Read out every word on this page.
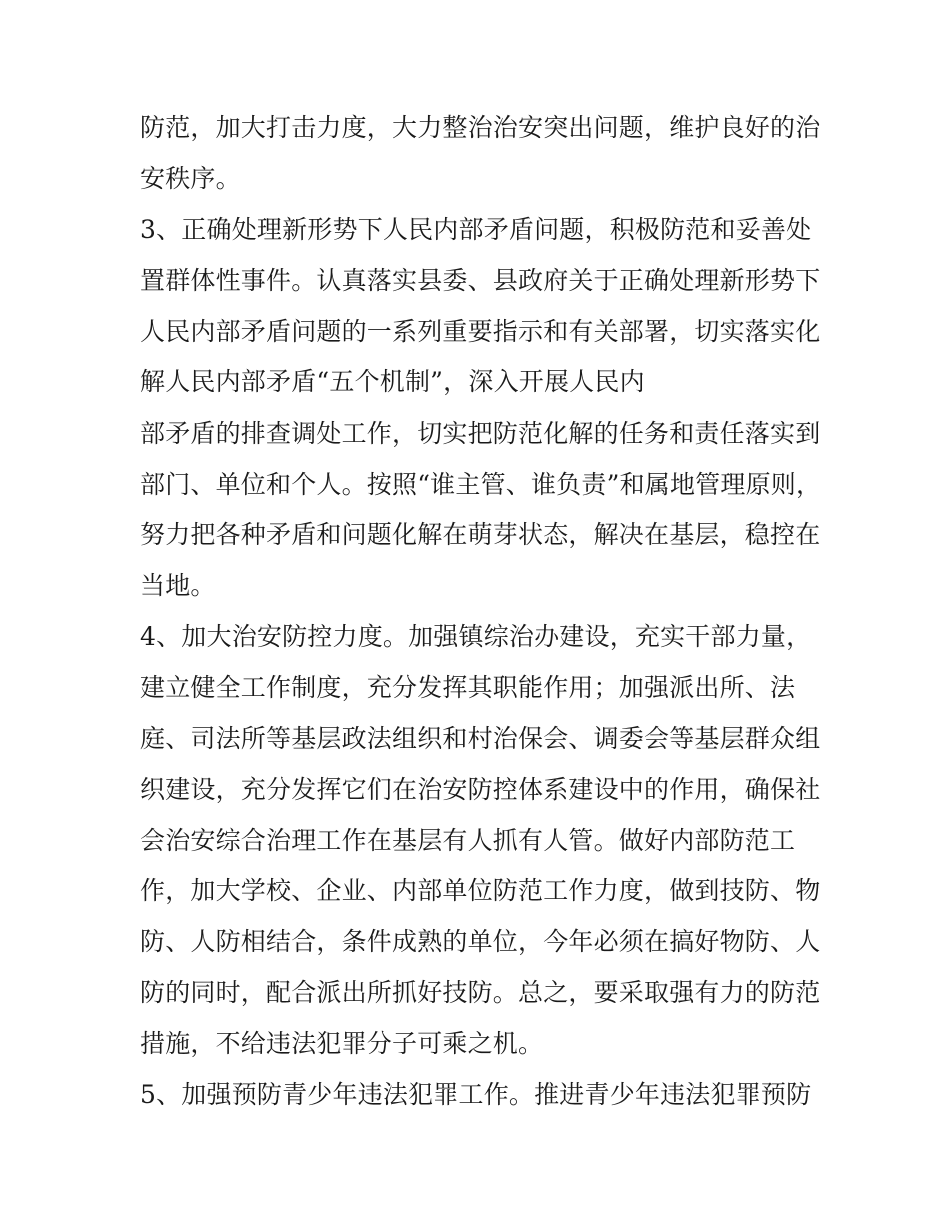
防范，加大打击力度，大力整治治安突出问题，维护良好的治
安秩序。
3、正确处理新形势下人民内部矛盾问题，积极防范和妥善处
置群体性事件。认真落实县委、县政府关于正确处理新形势下
人民内部矛盾问题的一系列重要指示和有关部署，切实落实化
解人民内部矛盾“五个机制”，深入开展人民内
部矛盾的排查调处工作，切实把防范化解的任务和责任落实到
部门、单位和个人。按照“谁主管、谁负责”和属地管理原则，
努力把各种矛盾和问题化解在萌芽状态，解决在基层，稳控在
当地。
4、加大治安防控力度。加强镇综治办建设，充实干部力量，
建立健全工作制度，充分发挥其职能作用；加强派出所、法
庭、司法所等基层政法组织和村治保会、调委会等基层群众组
织建设，充分发挥它们在治安防控体系建设中的作用，确保社
会治安综合治理工作在基层有人抓有人管。做好内部防范工
作，加大学校、企业、内部单位防范工作力度，做到技防、物
防、人防相结合，条件成熟的单位，今年必须在搞好物防、人
防的同时，配合派出所抓好技防。总之，要采取强有力的防范
措施，不给违法犯罪分子可乘之机。
5、加强预防青少年违法犯罪工作。推进青少年违法犯罪预防
